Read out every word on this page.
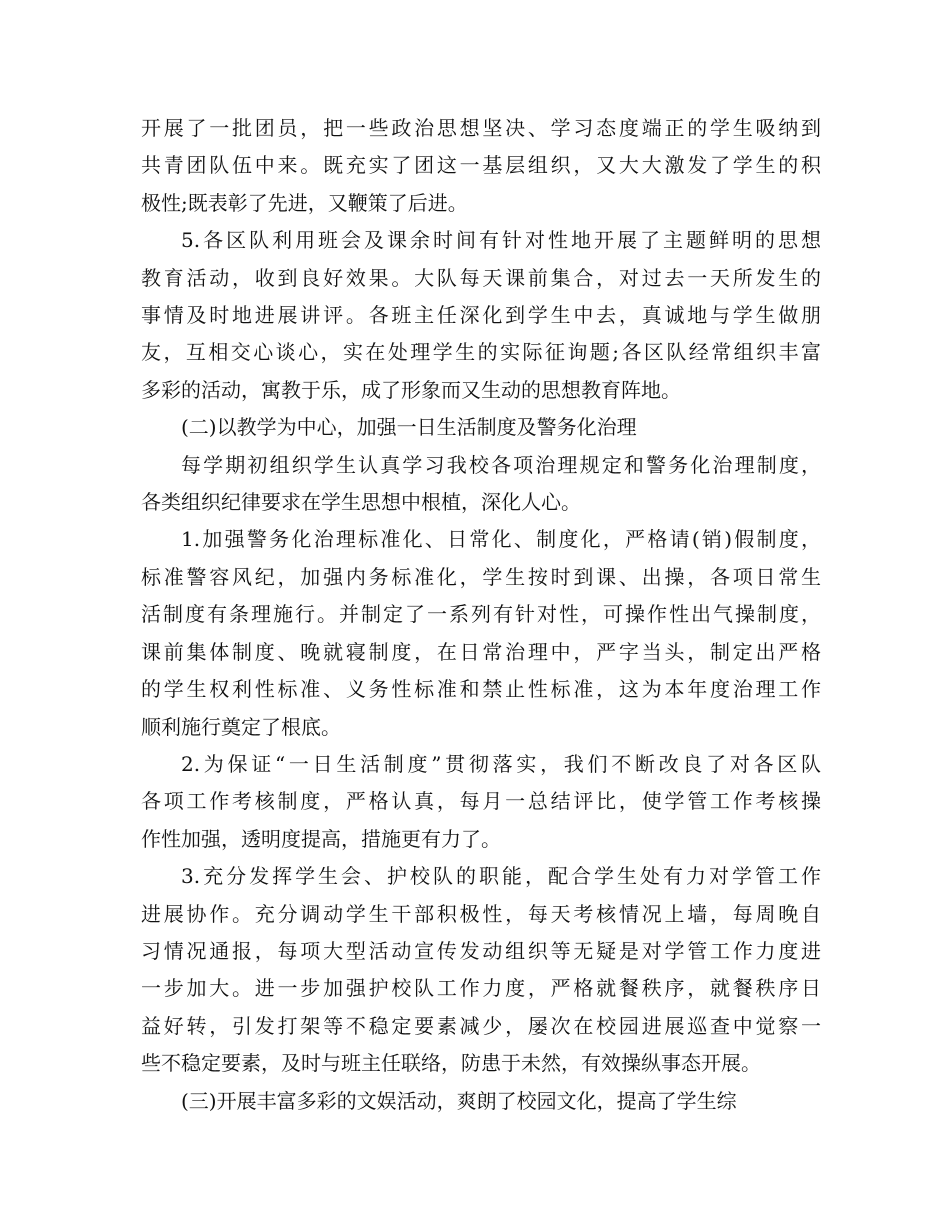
开展了一批团员，把一些政治思想坚决、学习态度端正的学生吸纳到
共青团队伍中来。既充实了团这一基层组织，又大大激发了学生的积
极性;既表彰了先进，又鞭策了后进。

5.各区队利用班会及课余时间有针对性地开展了主题鲜明的思想
教育活动，收到良好效果。大队每天课前集合，对过去一天所发生的
事情及时地进展讲评。各班主任深化到学生中去，真诚地与学生做朋
友，互相交心谈心，实在处理学生的实际征询题;各区队经常组织丰富
多彩的活动，寓教于乐，成了形象而又生动的思想教育阵地。

(二)以教学为中心，加强一日生活制度及警务化治理

每学期初组织学生认真学习我校各项治理规定和警务化治理制度，
各类组织纪律要求在学生思想中根植，深化人心。

1.加强警务化治理标准化、日常化、制度化，严格请(销)假制度，
标准警容风纪，加强内务标准化，学生按时到课、出操，各项日常生
活制度有条理施行。并制定了一系列有针对性，可操作性出气操制度，
课前集体制度、晚就寝制度，在日常治理中，严字当头，制定出严格
的学生权利性标准、义务性标准和禁止性标准，这为本年度治理工作
顺利施行奠定了根底。

2.为保证“一日生活制度”贯彻落实，我们不断改良了对各区队
各项工作考核制度，严格认真，每月一总结评比，使学管工作考核操
作性加强，透明度提高，措施更有力了。

3.充分发挥学生会、护校队的职能，配合学生处有力对学管工作
进展协作。充分调动学生干部积极性，每天考核情况上墙，每周晚自
习情况通报，每项大型活动宣传发动组织等无疑是对学管工作力度进
一步加大。进一步加强护校队工作力度，严格就餐秩序，就餐秩序日
益好转，引发打架等不稳定要素减少，屡次在校园进展巡查中觉察一
些不稳定要素，及时与班主任联络，防患于未然，有效操纵事态开展。

(三)开展丰富多彩的文娱活动，爽朗了校园文化，提高了学生综
